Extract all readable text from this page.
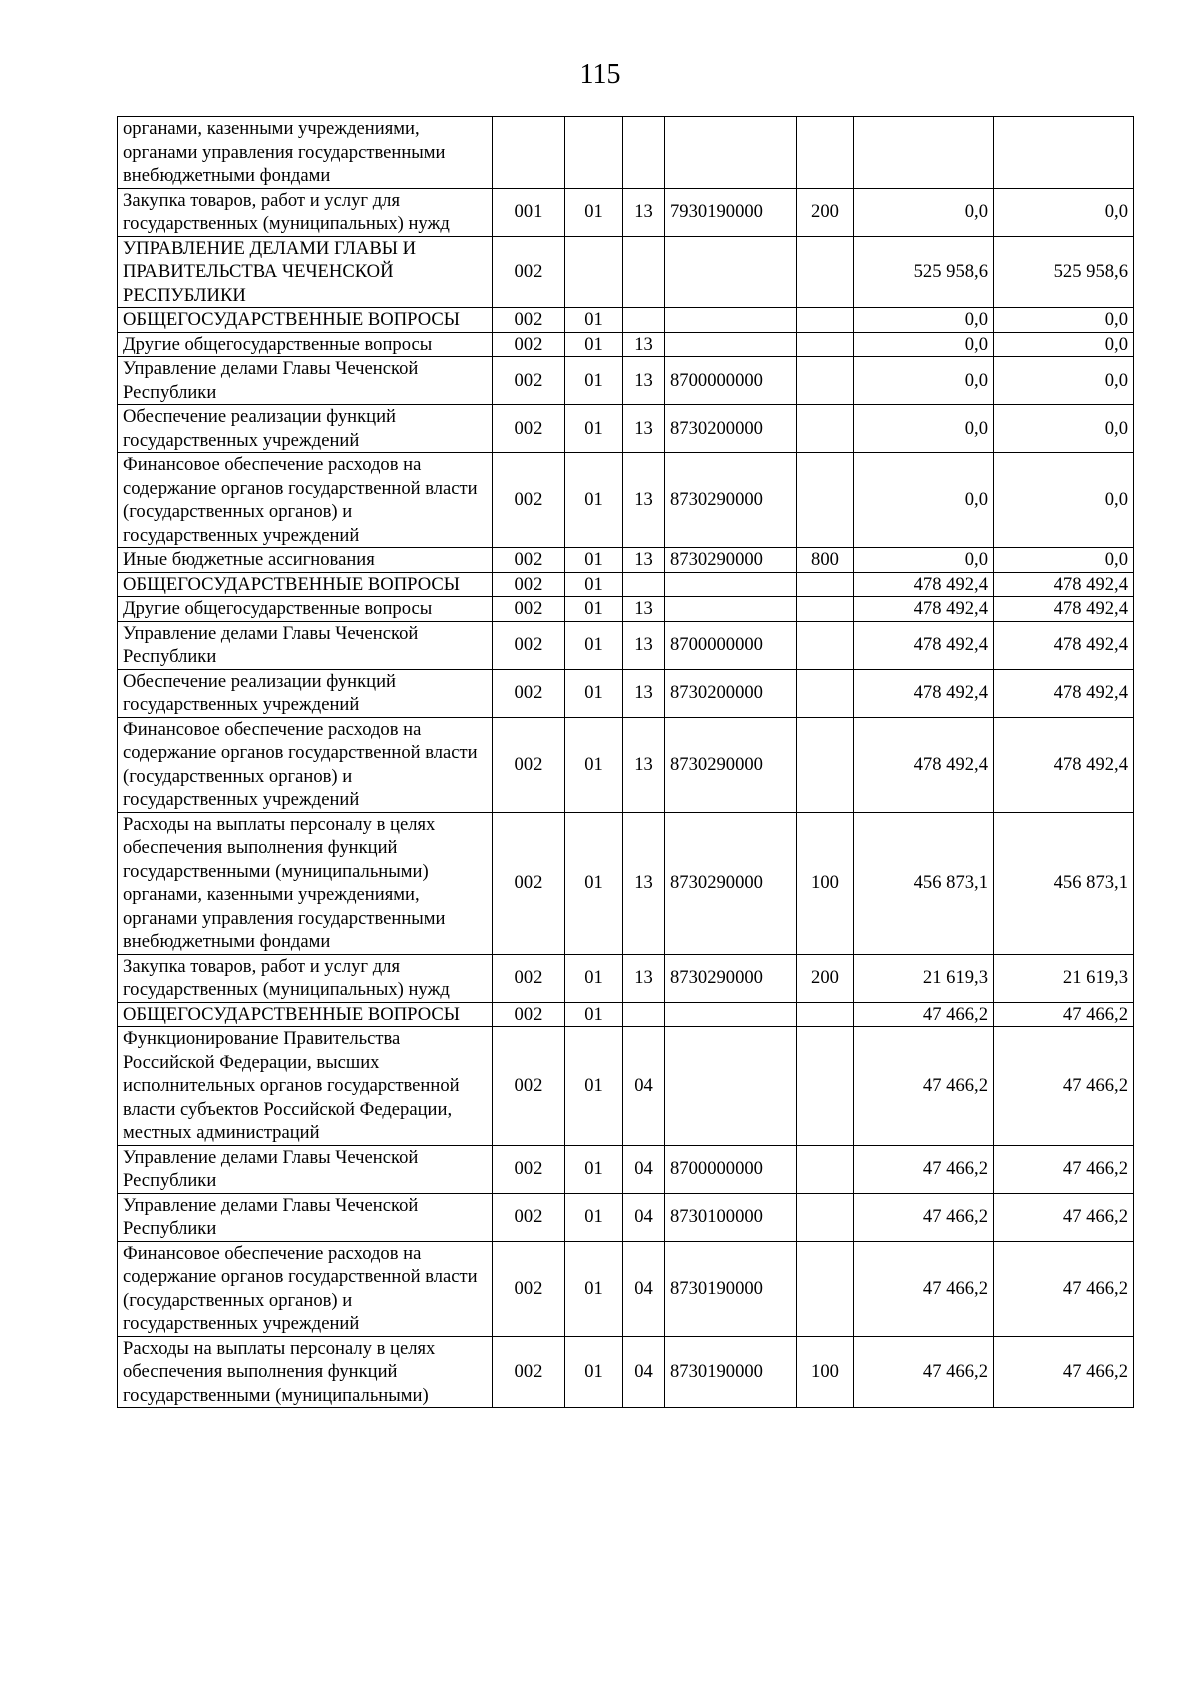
115
органами, казенными учреждениями, органами управления государственными внебюджетными фондами							
Закупка товаров, работ и услуг для государственных (муниципальных) нужд	001	01	13	7930190000	200	0,0	0,0
УПРАВЛЕНИЕ ДЕЛАМИ ГЛАВЫ И ПРАВИТЕЛЬСТВА ЧЕЧЕНСКОЙ РЕСПУБЛИКИ	002					525 958,6	525 958,6
ОБЩЕГОСУДАРСТВЕННЫЕ ВОПРОСЫ	002	01				0,0	0,0
Другие общегосударственные вопросы	002	01	13			0,0	0,0
Управление делами Главы Чеченской Республики	002	01	13	8700000000		0,0	0,0
Обеспечение реализации функций государственных учреждений	002	01	13	8730200000		0,0	0,0
Финансовое обеспечение расходов на содержание органов государственной власти (государственных органов) и государственных учреждений	002	01	13	8730290000		0,0	0,0
Иные бюджетные ассигнования	002	01	13	8730290000	800	0,0	0,0
ОБЩЕГОСУДАРСТВЕННЫЕ ВОПРОСЫ	002	01				478 492,4	478 492,4
Другие общегосударственные вопросы	002	01	13			478 492,4	478 492,4
Управление делами Главы Чеченской Республики	002	01	13	8700000000		478 492,4	478 492,4
Обеспечение реализации функций государственных учреждений	002	01	13	8730200000		478 492,4	478 492,4
Финансовое обеспечение расходов на содержание органов государственной власти (государственных органов) и государственных учреждений	002	01	13	8730290000		478 492,4	478 492,4
Расходы на выплаты персоналу в целях обеспечения выполнения функций государственными (муниципальными) органами, казенными учреждениями, органами управления государственными внебюджетными фондами	002	01	13	8730290000	100	456 873,1	456 873,1
Закупка товаров, работ и услуг для государственных (муниципальных) нужд	002	01	13	8730290000	200	21 619,3	21 619,3
ОБЩЕГОСУДАРСТВЕННЫЕ ВОПРОСЫ	002	01				47 466,2	47 466,2
Функционирование Правительства Российской Федерации, высших исполнительных органов государственной власти субъектов Российской Федерации, местных администраций	002	01	04			47 466,2	47 466,2
Управление делами Главы Чеченской Республики	002	01	04	8700000000		47 466,2	47 466,2
Управление делами Главы Чеченской Республики	002	01	04	8730100000		47 466,2	47 466,2
Финансовое обеспечение расходов на содержание органов государственной власти (государственных органов) и государственных учреждений	002	01	04	8730190000		47 466,2	47 466,2
Расходы на выплаты персоналу в целях обеспечения выполнения функций государственными (муниципальными)	002	01	04	8730190000	100	47 466,2	47 466,2
